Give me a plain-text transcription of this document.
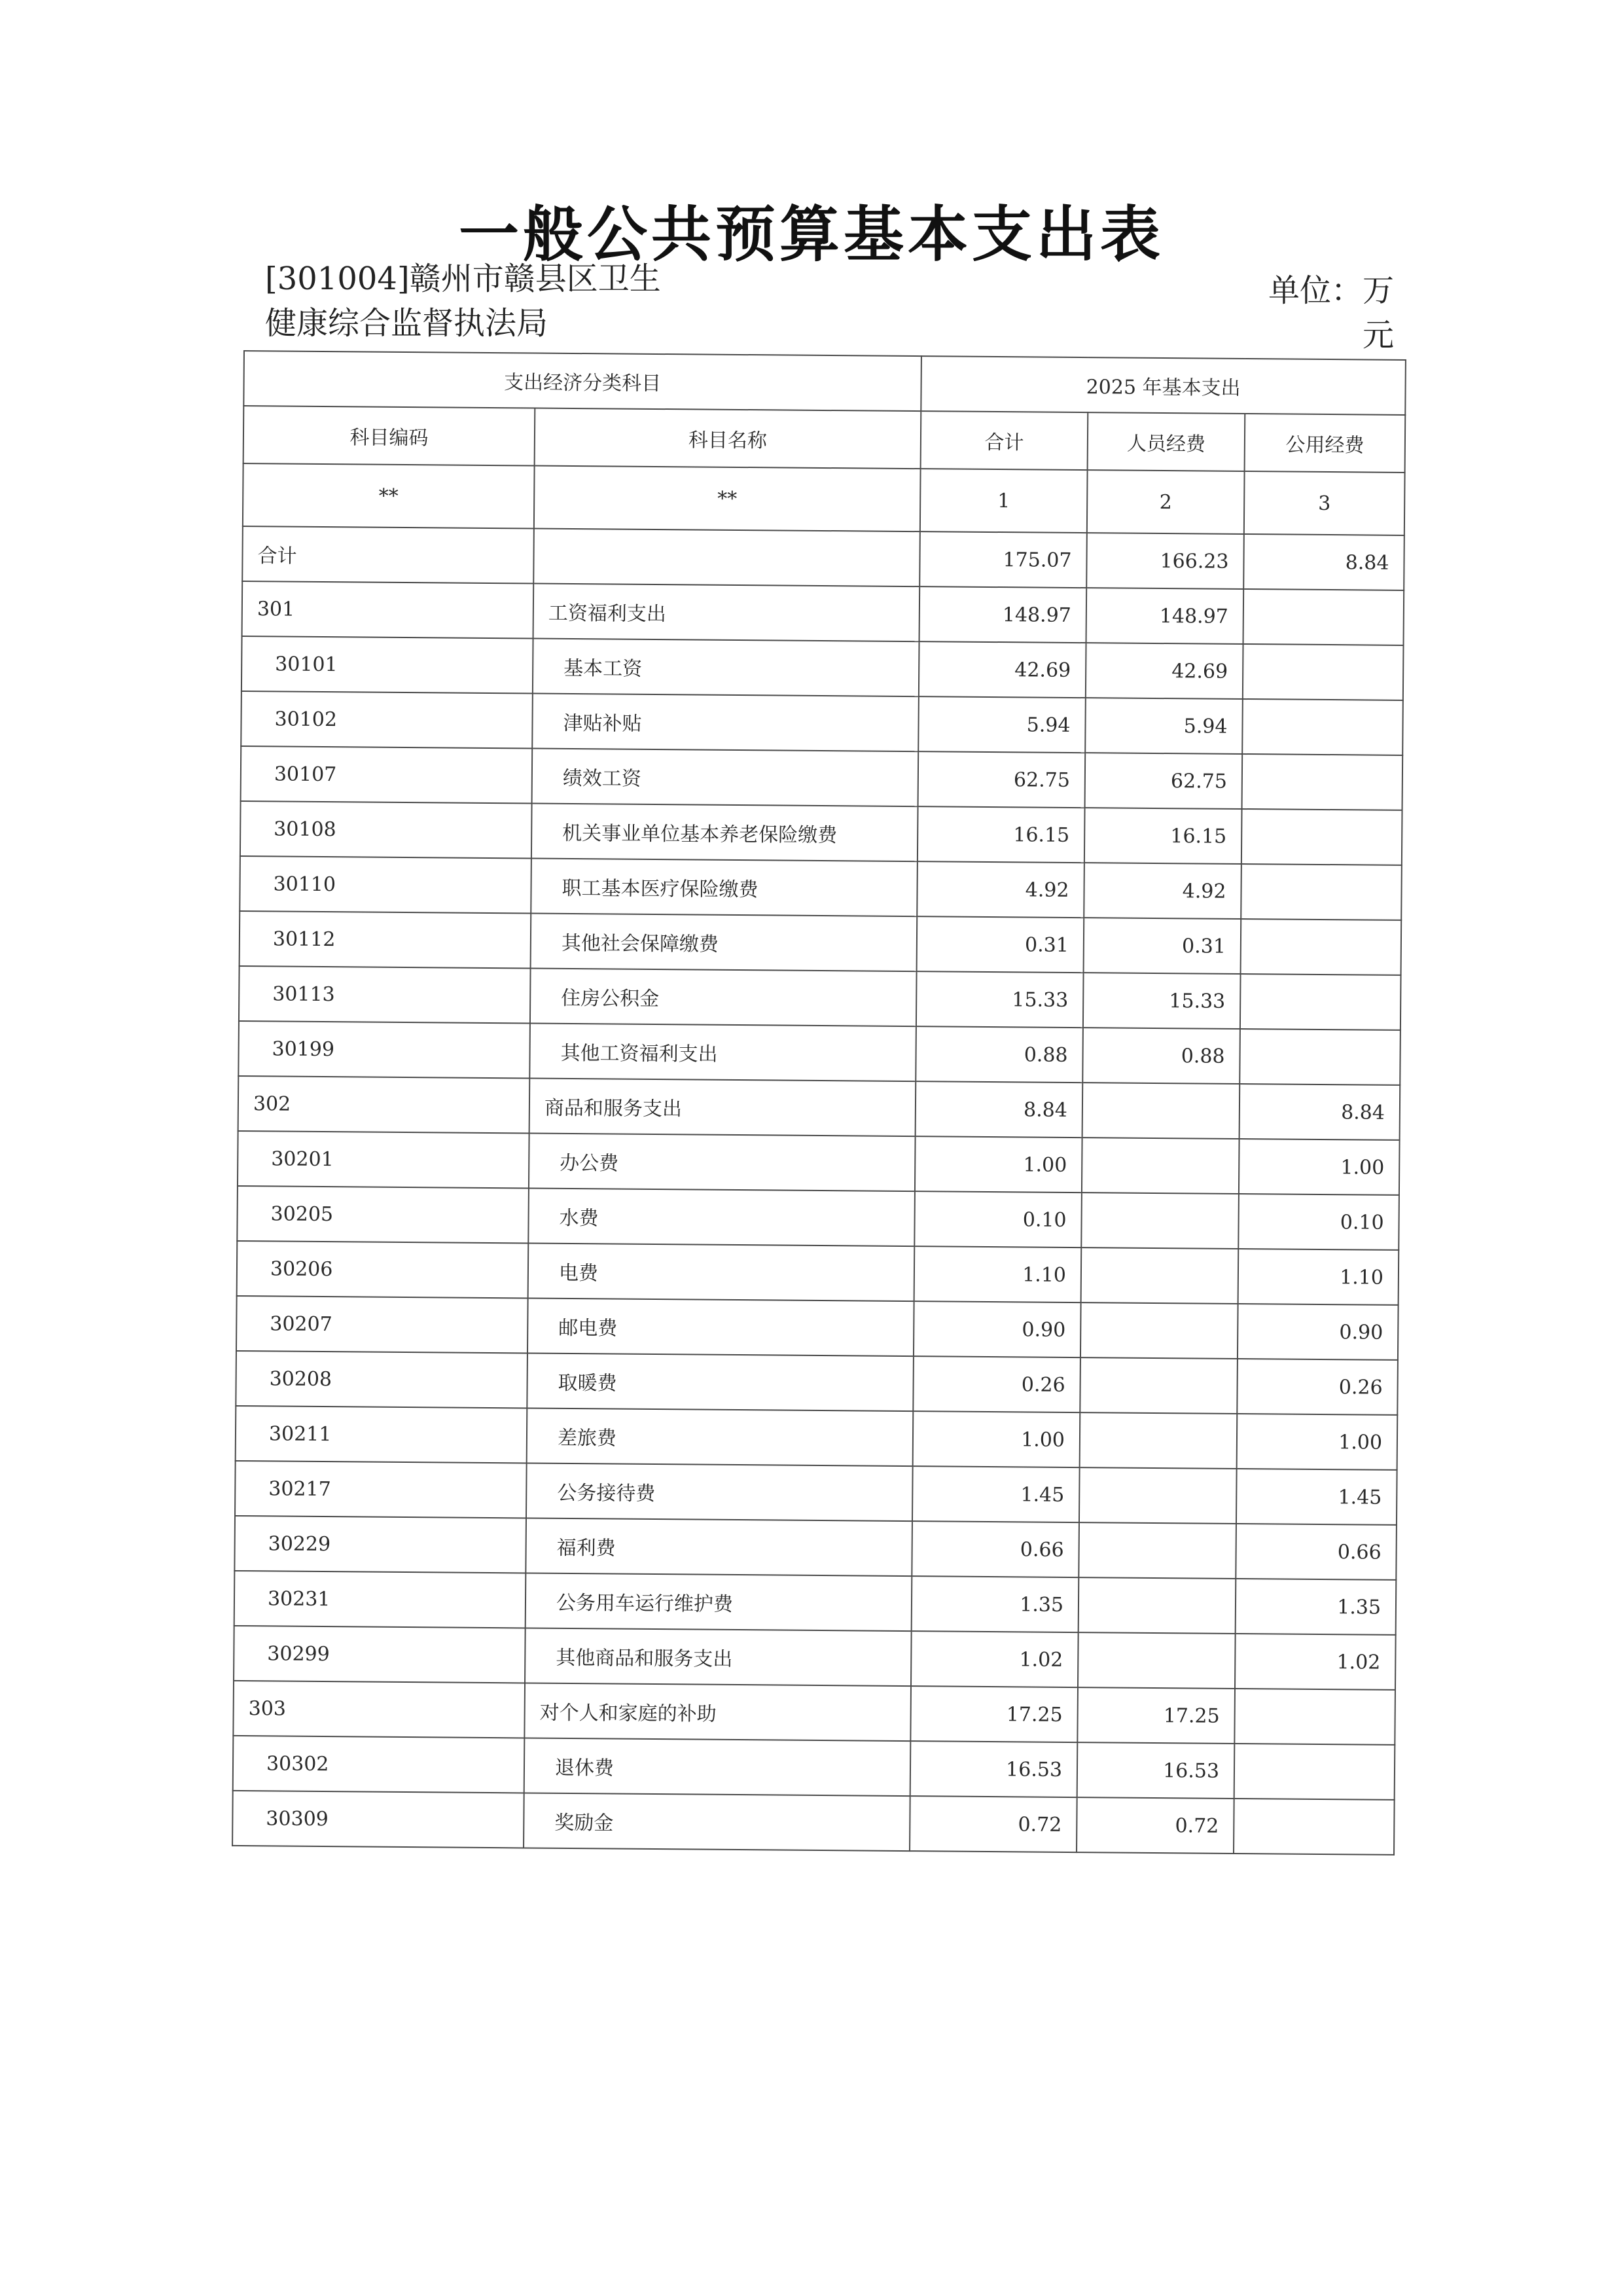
一般公共预算基本支出表
[301004]赣州市赣县区卫生健康综合监督执法局
单位：万元
支出经济分类科目		2025 年基本支出		
科目编码	科目名称	合计	人员经费	公用经费
**	**	1	2	3
合计		175.07	166.23	8.84
301	工资福利支出	148.97	148.97	
30101	基本工资	42.69	42.69	
30102	津贴补贴	5.94	5.94	
30107	绩效工资	62.75	62.75	
30108	机关事业单位基本养老保险缴费	16.15	16.15	
30110	职工基本医疗保险缴费	4.92	4.92	
30112	其他社会保障缴费	0.31	0.31	
30113	住房公积金	15.33	15.33	
30199	其他工资福利支出	0.88	0.88	
302	商品和服务支出	8.84		8.84
30201	办公费	1.00		1.00
30205	水费	0.10		0.10
30206	电费	1.10		1.10
30207	邮电费	0.90		0.90
30208	取暖费	0.26		0.26
30211	差旅费	1.00		1.00
30217	公务接待费	1.45		1.45
30229	福利费	0.66		0.66
30231	公务用车运行维护费	1.35		1.35
30299	其他商品和服务支出	1.02		1.02
303	对个人和家庭的补助	17.25	17.25	
30302	退休费	16.53	16.53	
30309	奖励金	0.72	0.72	
